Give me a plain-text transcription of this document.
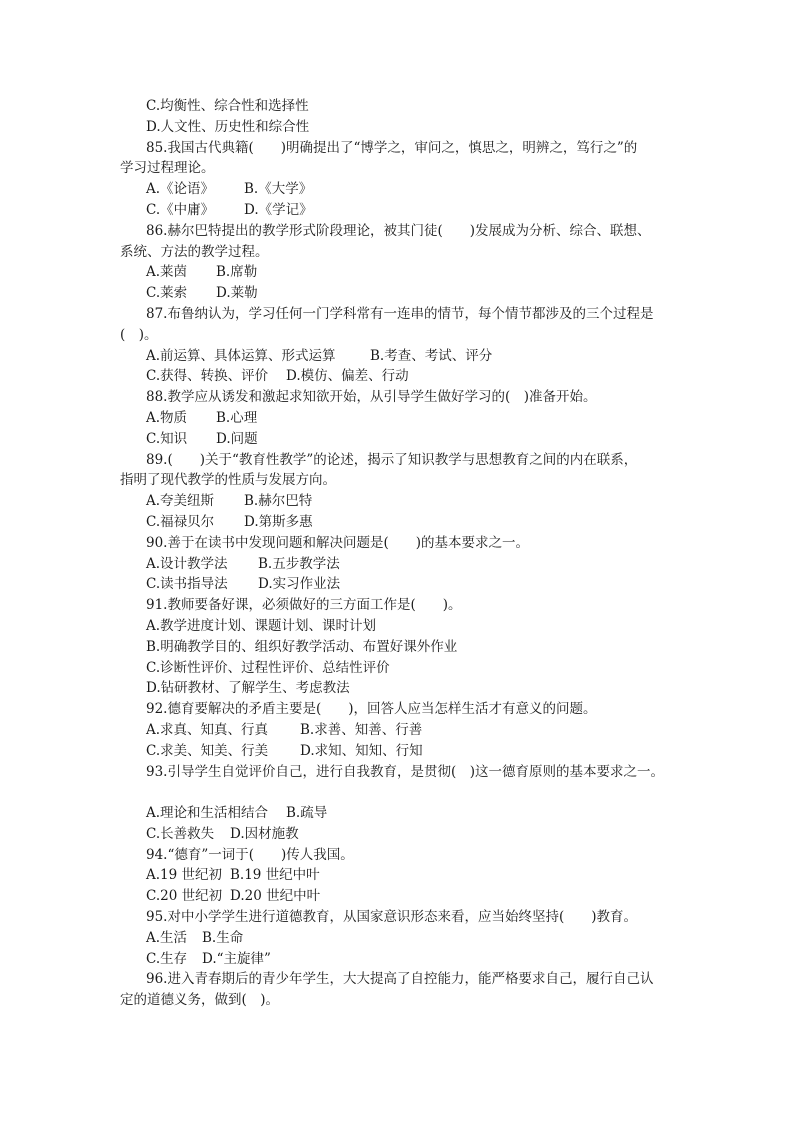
C.均衡性、综合性和选择性
D.人文性、历史性和综合性
85.我国古代典籍(　　)明确提出了“博学之，审问之，慎思之，明辨之，笃行之”的
学习过程理论。
A.《论语》 B.《大学》
C.《中庸》 D.《学记》
86.赫尔巴特提出的教学形式阶段理论，被其门徒(　　)发展成为分析、综合、联想、
系统、方法的教学过程。
A.莱茵 B.席勒
C.莱索 D.莱勒
87.布鲁纳认为，学习任何一门学科常有一连串的情节，每个情节都涉及的三个过程是
(　)。
A.前运算、具体运算、形式运算	B.考查、考试、评分
C.获得、转换、评价 D.模仿、偏差、行动
88.教学应从诱发和激起求知欲开始，从引导学生做好学习的(　)准备开始。
A.物质 B.心理
C.知识 D.问题
89.(　　)关于“教育性教学”的论述，揭示了知识教学与思想教育之间的内在联系，
指明了现代教学的性质与发展方向。
A.夸美纽斯 B.赫尔巴特
C.福禄贝尔 D.第斯多惠
90.善于在读书中发现问题和解决问题是(　　)的基本要求之一。
A.设计教学法 B.五步教学法
C.读书指导法 D.实习作业法
91.教师要备好课，必须做好的三方面工作是(　　)。
A.教学进度计划、课题计划、课时计划
B.明确教学目的、组织好教学活动、布置好课外作业
C.诊断性评价、过程性评价、总结性评价
D.钻研教材、了解学生、考虑教法
92.德育要解决的矛盾主要是(　　)，回答人应当怎样生活才有意义的问题。
A.求真、知真、行真 B.求善、知善、行善
C.求美、知美、行美 D.求知、知知、行知
93.引导学生自觉评价自己，进行自我教育，是贯彻(　)这一德育原则的基本要求之一。
A.理论和生活相结合 B.疏导
C.长善救失 D.因材施教
94.“德育”一词于(　　)传人我国。
A.19 世纪初 B.19 世纪中叶
C.20 世纪初 D.20 世纪中叶
95.对中小学学生进行道德教育，从国家意识形态来看，应当始终坚持(　　)教育。
A.生活 B.生命
C.生存 D.“主旋律”
96.进入青春期后的青少年学生，大大提高了自控能力，能严格要求自己，履行自己认
定的道德义务，做到(　)。
